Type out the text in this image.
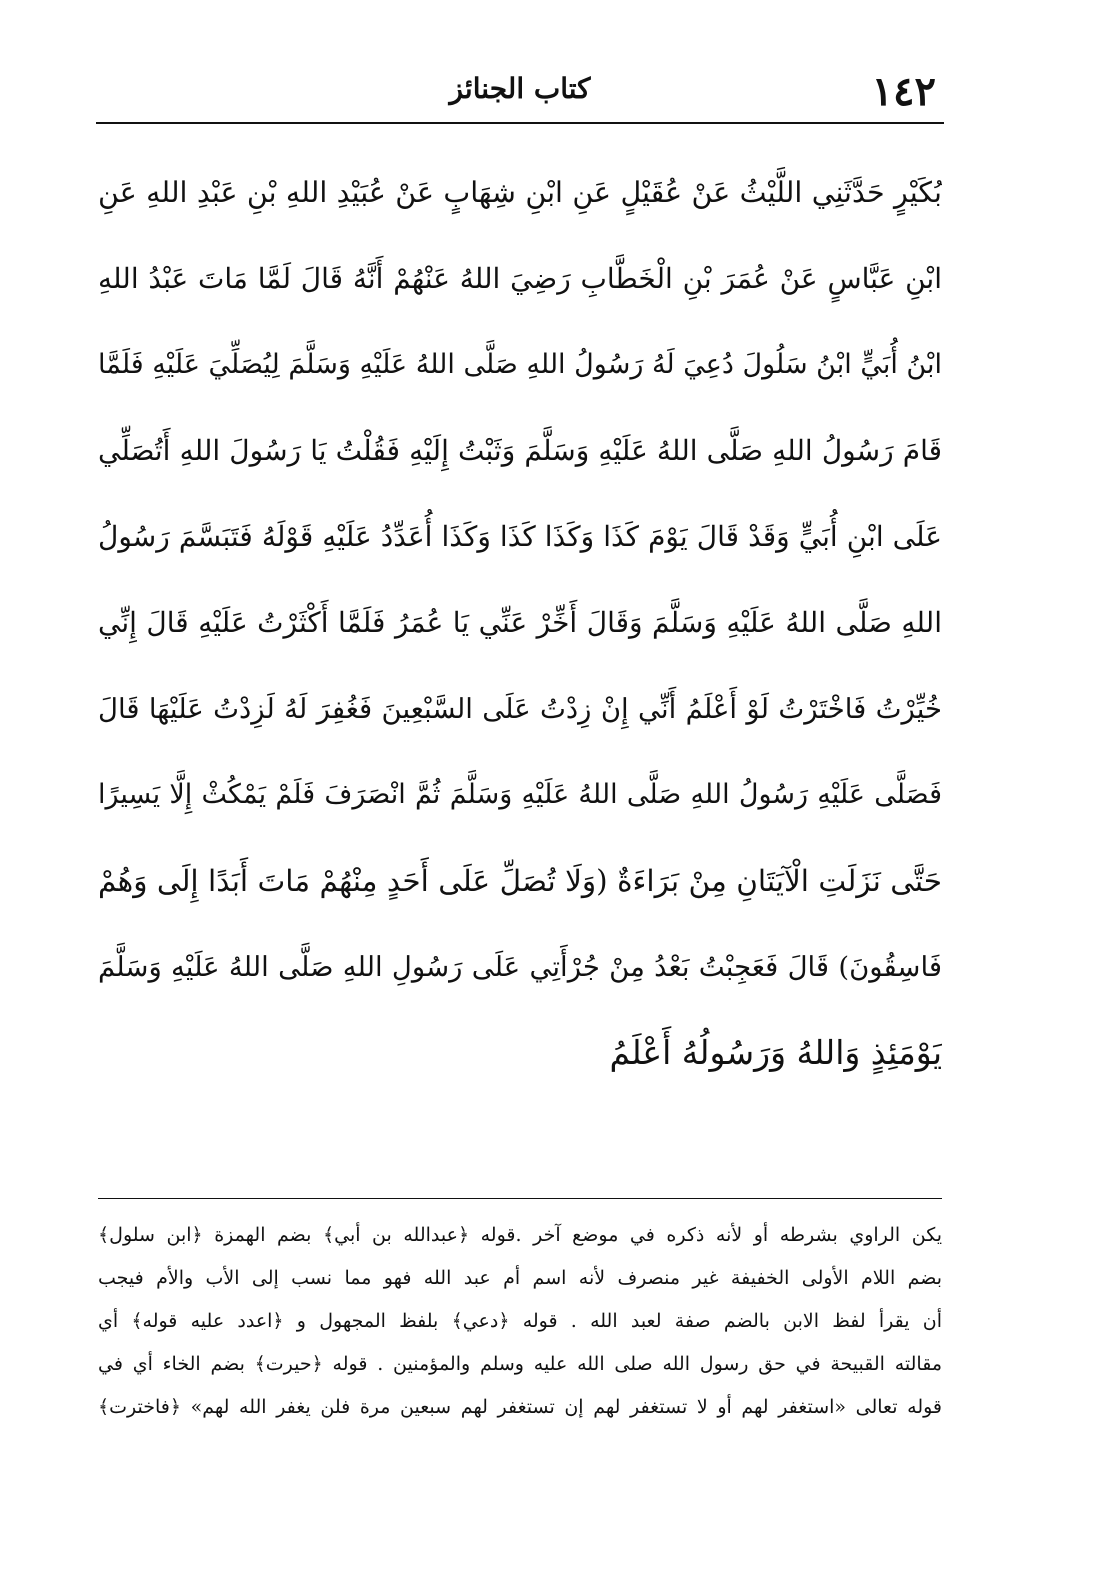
١٤٢
كتاب الجنائز
بُكَيْرٍ حَدَّثَنِي اللَّيْثُ عَنْ عُقَيْلٍ عَنِ ابْنِ شِهَابٍ عَنْ عُبَيْدِ اللهِ بْنِ عَبْدِ اللهِ عَنِ
ابْنِ عَبَّاسٍ عَنْ عُمَرَ بْنِ الْخَطَّابِ رَضِيَ اللهُ عَنْهُمْ أَنَّهُ قَالَ لَمَّا مَاتَ عَبْدُ اللهِ
ابْنُ أُبَيٍّ ابْنُ سَلُولَ دُعِيَ لَهُ رَسُولُ اللهِ صَلَّى اللهُ عَلَيْهِ وَسَلَّمَ لِيُصَلِّيَ عَلَيْهِ فَلَمَّا
قَامَ رَسُولُ اللهِ صَلَّى اللهُ عَلَيْهِ وَسَلَّمَ وَثَبْتُ إِلَيْهِ فَقُلْتُ يَا رَسُولَ اللهِ أَتُصَلِّي
عَلَى ابْنِ أُبَيٍّ وَقَدْ قَالَ يَوْمَ كَذَا وَكَذَا كَذَا وَكَذَا أُعَدِّدُ عَلَيْهِ قَوْلَهُ فَتَبَسَّمَ رَسُولُ
اللهِ صَلَّى اللهُ عَلَيْهِ وَسَلَّمَ وَقَالَ أَخِّرْ عَنِّي يَا عُمَرُ فَلَمَّا أَكْثَرْتُ عَلَيْهِ قَالَ إِنِّي
خُيِّرْتُ فَاخْتَرْتُ لَوْ أَعْلَمُ أَنِّي إِنْ زِدْتُ عَلَى السَّبْعِينَ فَغُفِرَ لَهُ لَزِدْتُ عَلَيْهَا قَالَ
فَصَلَّى عَلَيْهِ رَسُولُ اللهِ صَلَّى اللهُ عَلَيْهِ وَسَلَّمَ ثُمَّ انْصَرَفَ فَلَمْ يَمْكُثْ إِلَّا يَسِيرًا
حَتَّى نَزَلَتِ الْآيَتَانِ مِنْ بَرَاءَةٌ (وَلَا تُصَلِّ عَلَى أَحَدٍ مِنْهُمْ مَاتَ أَبَدًا إِلَى وَهُمْ
فَاسِقُونَ) قَالَ فَعَجِبْتُ بَعْدُ مِنْ جُرْأَتِي عَلَى رَسُولِ اللهِ صَلَّى اللهُ عَلَيْهِ وَسَلَّمَ
يَوْمَئِذٍ وَاللهُ وَرَسُولُهُ أَعْلَمُ
يكن الراوي بشرطه أو لأنه ذكره في موضع آخر .قوله ﴿عبدالله بن أبي﴾ بضم الهمزة ﴿ابن سلول﴾
بضم اللام الأولى الخفيفة غير منصرف لأنه اسم أم عبد الله فهو مما نسب إلى الأب والأم فيجب
أن يقرأ لفظ الابن بالضم صفة لعبد الله . قوله ﴿دعي﴾ بلفظ المجهول و ﴿اعدد عليه قوله﴾ أي
مقالته القبيحة في حق رسول الله صلى الله عليه وسلم والمؤمنين . قوله ﴿حيرت﴾ بضم الخاء أي في
قوله تعالى «استغفر لهم أو لا تستغفر لهم إن تستغفر لهم سبعين مرة فلن يغفر الله لهم» ﴿فاخترت﴾
